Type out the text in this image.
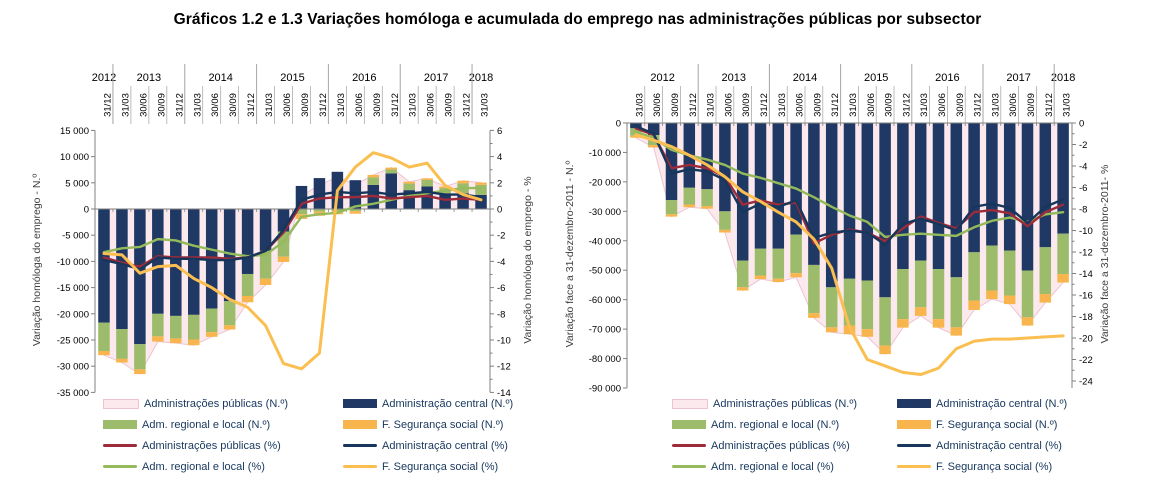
Gráficos 1.2 e 1.3 Variações homóloga e acumulada do emprego nas administrações públicas por subsector
2012 2013	2014	2015	2016	2017 2018
31/12 31/03 30/06 30/09 31/12 31/03 30/06 30/09 31/12 31/03 30/06 30/09 31/12 31/03 30/06 30/09 31/12 31/03 30/06 30/09 31/12 31/03
15 000
10 000
5 000
0
-5 000
-10 000
-15 000
-20 000
-25 000
-30 000
-35 000
Variação homóloga do emprego - N.º
6
4
2
0
-2
-4
-6
-8
-10
-12
-14
Variação homóloga do emprego - %
2012	2013	2014	2015	2016	2017 2018
31/03 30/06 30/09 31/12 31/03 30/06 30/09 31/12 31/03 30/06 30/09 31/12 31/03 30/06 30/09 31/12 31/03 30/06 30/09 31/12 31/03 30/06 30/09 31/12 31/03
0
-10 000
-20 000
-30 000
-40 000
-50 000
-60 000
-70 000
-80 000
-90 000
Variação face a 31-dezembro-2011 - N.º
0
-2
-4
-6
-8
-10
-12
-14
-16
-18
-20
-22
-24
Variação face a 31-dezembro-2011- %
Administrações públicas (N.º)
Adm. regional e local (N.º)
Administrações públicas (%)
Adm. regional e local (%)
Administração central (N.º)
F. Segurança social (N.º)
Administração central (%)
F. Segurança social (%)
Administrações públicas (N.º)
Adm. regional e local (N.º)
Administrações públicas (%)
Adm. regional e local (%)
Administração central (N.º)
F. Segurança social (N.º)
Administração central (%)
F. Segurança social (%)
